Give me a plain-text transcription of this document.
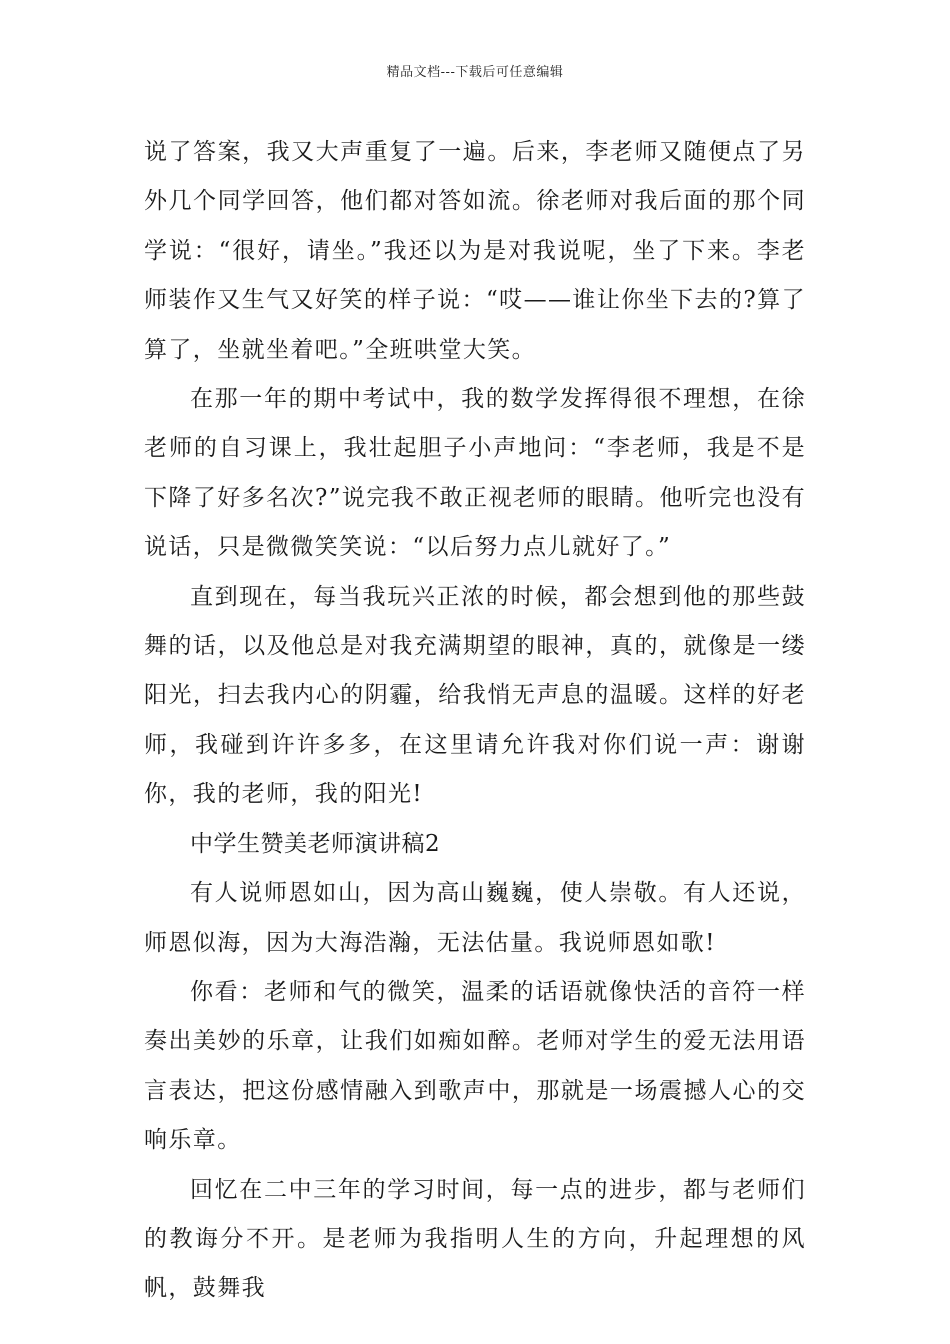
精品文档---下载后可任意编辑

说了答案，我又大声重复了一遍。后来，李老师又随便点了另外几个同学回答，他们都对答如流。徐老师对我后面的那个同学说：“很好，请坐。”我还以为是对我说呢，坐了下来。李老师装作又生气又好笑的样子说：“哎——谁让你坐下去的?算了算了，坐就坐着吧。”全班哄堂大笑。

在那一年的期中考试中，我的数学发挥得很不理想，在徐老师的自习课上，我壮起胆子小声地问：“李老师，我是不是下降了好多名次?”说完我不敢正视老师的眼睛。他听完也没有说话，只是微微笑笑说：“以后努力点儿就好了。”

直到现在，每当我玩兴正浓的时候，都会想到他的那些鼓舞的话，以及他总是对我充满期望的眼神，真的，就像是一缕阳光，扫去我内心的阴霾，给我悄无声息的温暖。这样的好老师，我碰到许许多多，在这里请允许我对你们说一声：谢谢你，我的老师，我的阳光!

中学生赞美老师演讲稿2

有人说师恩如山，因为高山巍巍，使人崇敬。有人还说，师恩似海，因为大海浩瀚，无法估量。我说师恩如歌!

你看：老师和气的微笑，温柔的话语就像快活的音符一样奏出美妙的乐章，让我们如痴如醉。老师对学生的爱无法用语言表达，把这份感情融入到歌声中，那就是一场震撼人心的交响乐章。

回忆在二中三年的学习时间，每一点的进步，都与老师们的教诲分不开。是老师为我指明人生的方向，升起理想的风帆，鼓舞我
